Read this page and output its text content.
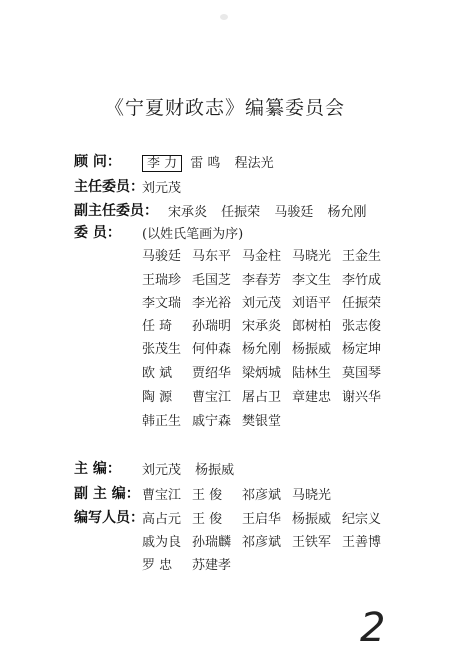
《宁夏财政志》编纂委员会
顾 问：	李 力 雷 鸣 程法光
主任委员：
刘元茂
副主任委员： 宋承炎 任振荣 马骏廷 杨允刚
委 员： (以姓氏笔画为序)
马骏廷 马东平 马金柱 马晓光 王金生
王瑞珍 毛国芝 李春芳 李文生 李竹成
李文瑞 李光裕 刘元茂 刘语平 任振荣
任 琦 孙瑞明 宋承炎 郎树柏 张志俊
张茂生 何仲森 杨允刚 杨振威 杨定坤
欧 斌 贾绍华 梁炳城 陆林生 莫国琴
陶 源 曹宝江 屠占卫 章建忠 谢兴华
韩正生 戚宁森 樊银堂
主 编： 刘元茂 杨振威
副 主 编： 曹宝江 王 俊 祁彦斌 马晓光
编写人员：
高占元 王 俊 王启华 杨振威 纪宗义
戚为良 孙瑞麟 祁彦斌 王铁军 王善博
罗 忠 苏建孝
2
